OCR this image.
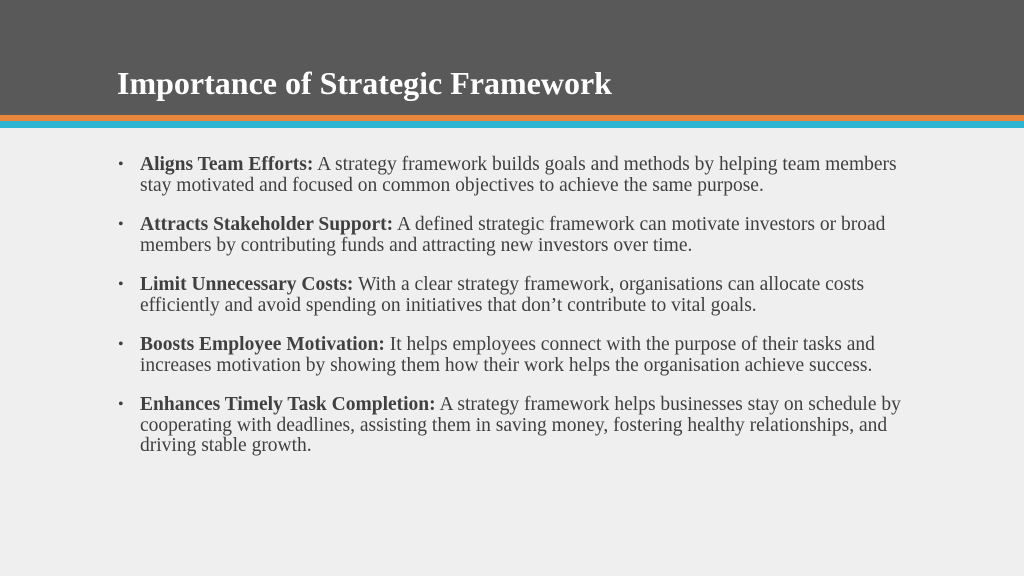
Importance of Strategic Framework
• Aligns Team Efforts: A strategy framework builds goals and methods by helping team members stay motivated and focused on common objectives to achieve the same purpose.
• Attracts Stakeholder Support: A defined strategic framework can motivate investors or broad members by contributing funds and attracting new investors over time.
• Limit Unnecessary Costs: With a clear strategy framework, organisations can allocate costs efficiently and avoid spending on initiatives that don’t contribute to vital goals.
• Boosts Employee Motivation: It helps employees connect with the purpose of their tasks and increases motivation by showing them how their work helps the organisation achieve success.
• Enhances Timely Task Completion: A strategy framework helps businesses stay on schedule by cooperating with deadlines, assisting them in saving money, fostering healthy relationships, and driving stable growth.
